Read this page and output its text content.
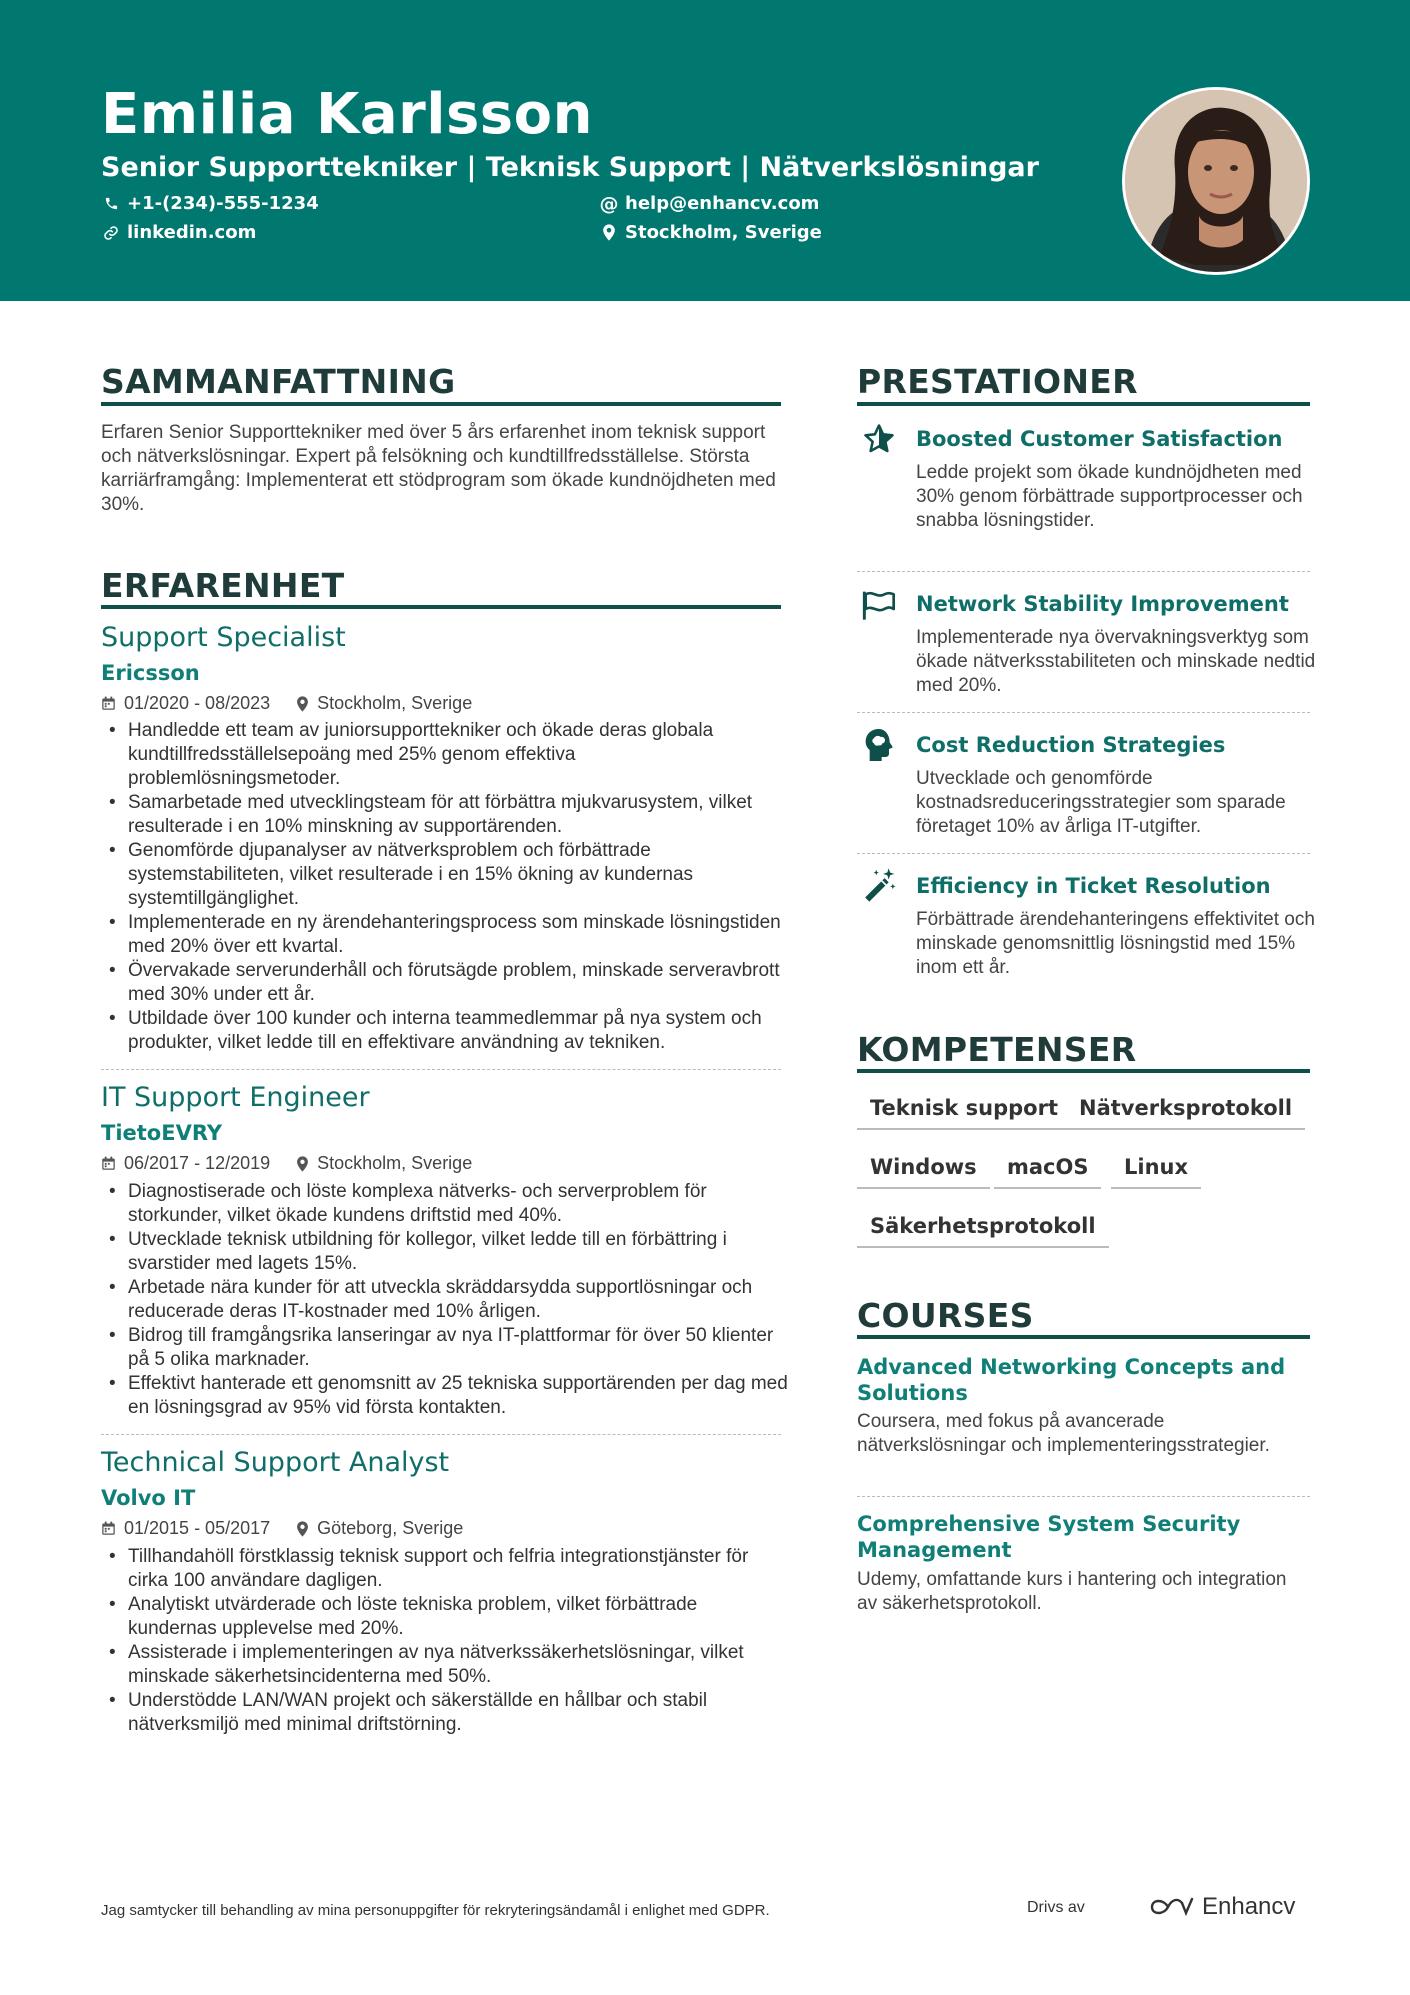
Emilia Karlsson
Senior Supporttekniker | Teknisk Support | Nätverkslösningar
+1-(234)-555-1234	@ help@enhancv.com
linkedin.com	Stockholm, Sverige
SAMMANFATTNING
Erfaren Senior Supporttekniker med över 5 års erfarenhet inom teknisk support och nätverkslösningar. Expert på felsökning och kundtillfredsställelse. Största karriärframgång: Implementerat ett stödprogram som ökade kundnöjdheten med 30%.
ERFARENHET
Support Specialist
Ericsson
01/2020 - 08/2023	Stockholm, Sverige
• Handledde ett team av juniorsupporttekniker och ökade deras globala kundtillfredsställelsepoäng med 25% genom effektiva problemlösningsmetoder.
• Samarbetade med utvecklingsteam för att förbättra mjukvarusystem, vilket resulterade i en 10% minskning av supportärenden.
• Genomförde djupanalyser av nätverksproblem och förbättrade systemstabiliteten, vilket resulterade i en 15% ökning av kundernas systemtillgänglighet.
• Implementerade en ny ärendehanteringsprocess som minskade lösningstiden med 20% över ett kvartal.
• Övervakade serverunderhåll och förutsägde problem, minskade serveravbrott med 30% under ett år.
• Utbildade över 100 kunder och interna teammedlemmar på nya system och produkter, vilket ledde till en effektivare användning av tekniken.
IT Support Engineer
TietoEVRY
06/2017 - 12/2019	Stockholm, Sverige
• Diagnostiserade och löste komplexa nätverks- och serverproblem för storkunder, vilket ökade kundens driftstid med 40%.
• Utvecklade teknisk utbildning för kollegor, vilket ledde till en förbättring i svarstider med lagets 15%.
• Arbetade nära kunder för att utveckla skräddarsydda supportlösningar och reducerade deras IT-kostnader med 10% årligen.
• Bidrog till framgångsrika lanseringar av nya IT-plattformar för över 50 klienter på 5 olika marknader.
• Effektivt hanterade ett genomsnitt av 25 tekniska supportärenden per dag med en lösningsgrad av 95% vid första kontakten.
Technical Support Analyst
Volvo IT
01/2015 - 05/2017	Göteborg, Sverige
• Tillhandahöll förstklassig teknisk support och felfria integrationstjänster för cirka 100 användare dagligen.
• Analytiskt utvärderade och löste tekniska problem, vilket förbättrade kundernas upplevelse med 20%.
• Assisterade i implementeringen av nya nätverkssäkerhetslösningar, vilket minskade säkerhetsincidenterna med 50%.
• Understödde LAN/WAN projekt och säkerställde en hållbar och stabil nätverksmiljö med minimal driftstörning.
PRESTATIONER
Boosted Customer Satisfaction
Ledde projekt som ökade kundnöjdheten med 30% genom förbättrade supportprocesser och snabba lösningstider.
Network Stability Improvement
Implementerade nya övervakningsverktyg som ökade nätverksstabiliteten och minskade nedtid med 20%.
Cost Reduction Strategies
Utvecklade och genomförde kostnadsreduceringsstrategier som sparade företaget 10% av årliga IT-utgifter.
Efficiency in Ticket Resolution
Förbättrade ärendehanteringens effektivitet och minskade genomsnittlig lösningstid med 15% inom ett år.
KOMPETENSER
Teknisk support Nätverksprotokoll
Windows	macOS	Linux
Säkerhetsprotokoll
COURSES
Advanced Networking Concepts and Solutions
Coursera, med fokus på avancerade nätverkslösningar och implementeringsstrategier.
Comprehensive System Security Management
Udemy, omfattande kurs i hantering och integration av säkerhetsprotokoll.
Jag samtycker till behandling av mina personuppgifter för rekryteringsändamål i enlighet med GDPR.	Drivs av	Enhancv
